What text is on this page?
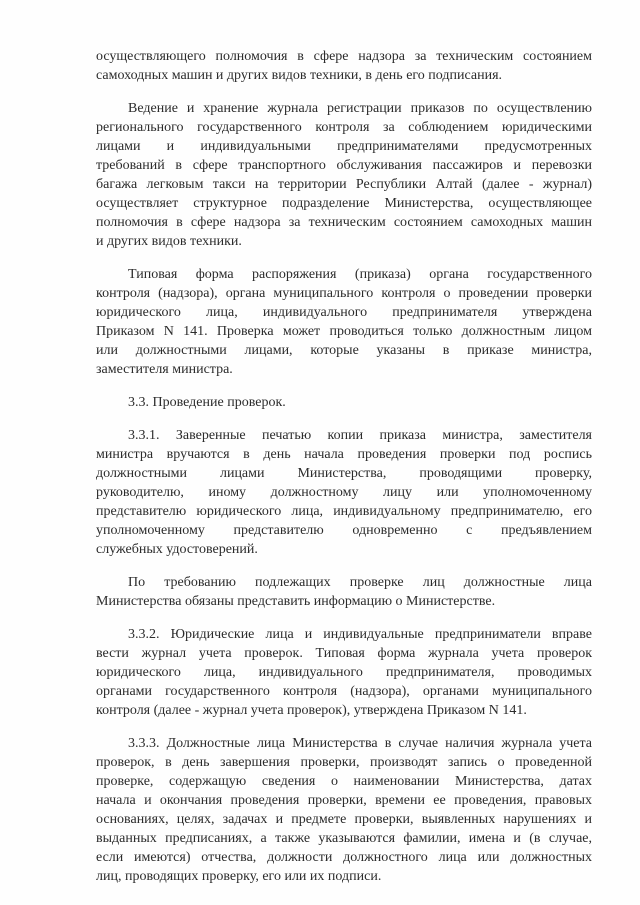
осуществляющего полномочия в сфере надзора за техническим состоянием
самоходных машин и других видов техники, в день его подписания.
Ведение и хранение журнала регистрации приказов по осуществлению
регионального государственного контроля за соблюдением юридическими
лицами и индивидуальными предпринимателями предусмотренных
требований в сфере транспортного обслуживания пассажиров и перевозки
багажа легковым такси на территории Республики Алтай (далее - журнал)
осуществляет структурное подразделение Министерства, осуществляющее
полномочия в сфере надзора за техническим состоянием самоходных машин
и других видов техники.
Типовая форма распоряжения (приказа) органа государственного
контроля (надзора), органа муниципального контроля о проведении проверки
юридического лица, индивидуального предпринимателя утверждена
Приказом N 141. Проверка может проводиться только должностным лицом
или должностными лицами, которые указаны в приказе министра,
заместителя министра.
3.3. Проведение проверок.
3.3.1. Заверенные печатью копии приказа министра, заместителя
министра вручаются в день начала проведения проверки под роспись
должностными лицами Министерства, проводящими проверку,
руководителю, иному должностному лицу или уполномоченному
представителю юридического лица, индивидуальному предпринимателю, его
уполномоченному представителю одновременно с предъявлением
служебных удостоверений.
По требованию подлежащих проверке лиц должностные лица
Министерства обязаны представить информацию о Министерстве.
3.3.2. Юридические лица и индивидуальные предприниматели вправе
вести журнал учета проверок. Типовая форма журнала учета проверок
юридического лица, индивидуального предпринимателя, проводимых
органами государственного контроля (надзора), органами муниципального
контроля (далее - журнал учета проверок), утверждена Приказом N 141.
3.3.3. Должностные лица Министерства в случае наличия журнала учета
проверок, в день завершения проверки, производят запись о проведенной
проверке, содержащую сведения о наименовании Министерства, датах
начала и окончания проведения проверки, времени ее проведения, правовых
основаниях, целях, задачах и предмете проверки, выявленных нарушениях и
выданных предписаниях, а также указываются фамилии, имена и (в случае,
если имеются) отчества, должности должностного лица или должностных
лиц, проводящих проверку, его или их подписи.
